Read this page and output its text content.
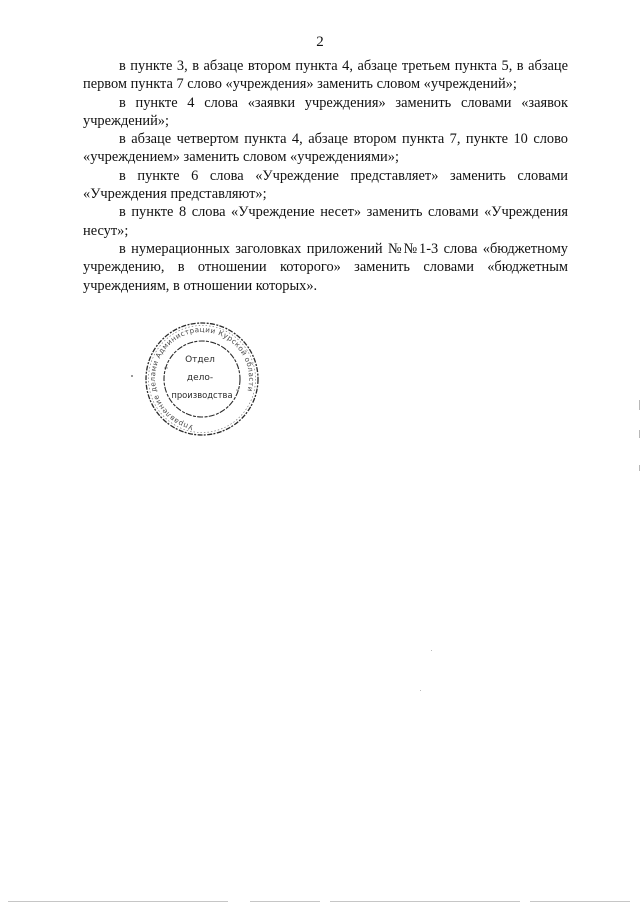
2

в пункте 3, в абзаце втором пункта 4, абзаце третьем пункта 5, в абзаце первом пункта 7 слово «учреждения» заменить словом «учреждений»;

в пункте 4 слова «заявки учреждения» заменить словами «заявок учреждений»;

в абзаце четвертом пункта 4, абзаце втором пункта 7, пункте 10 слово «учреждением» заменить словом «учреждениями»;

в пункте 6 слова «Учреждение представляет» заменить словами «Учреждения представляют»;

в пункте 8 слова «Учреждение несет» заменить словами «Учреждения несут»;

в нумерационных заголовках приложений №№1-3 слова «бюджетному учреждению, в отношении которого» заменить словами «бюджетным учреждениям, в отношении которых».

Управление делами Администрации Курской области
Отдел
дело-
производства
